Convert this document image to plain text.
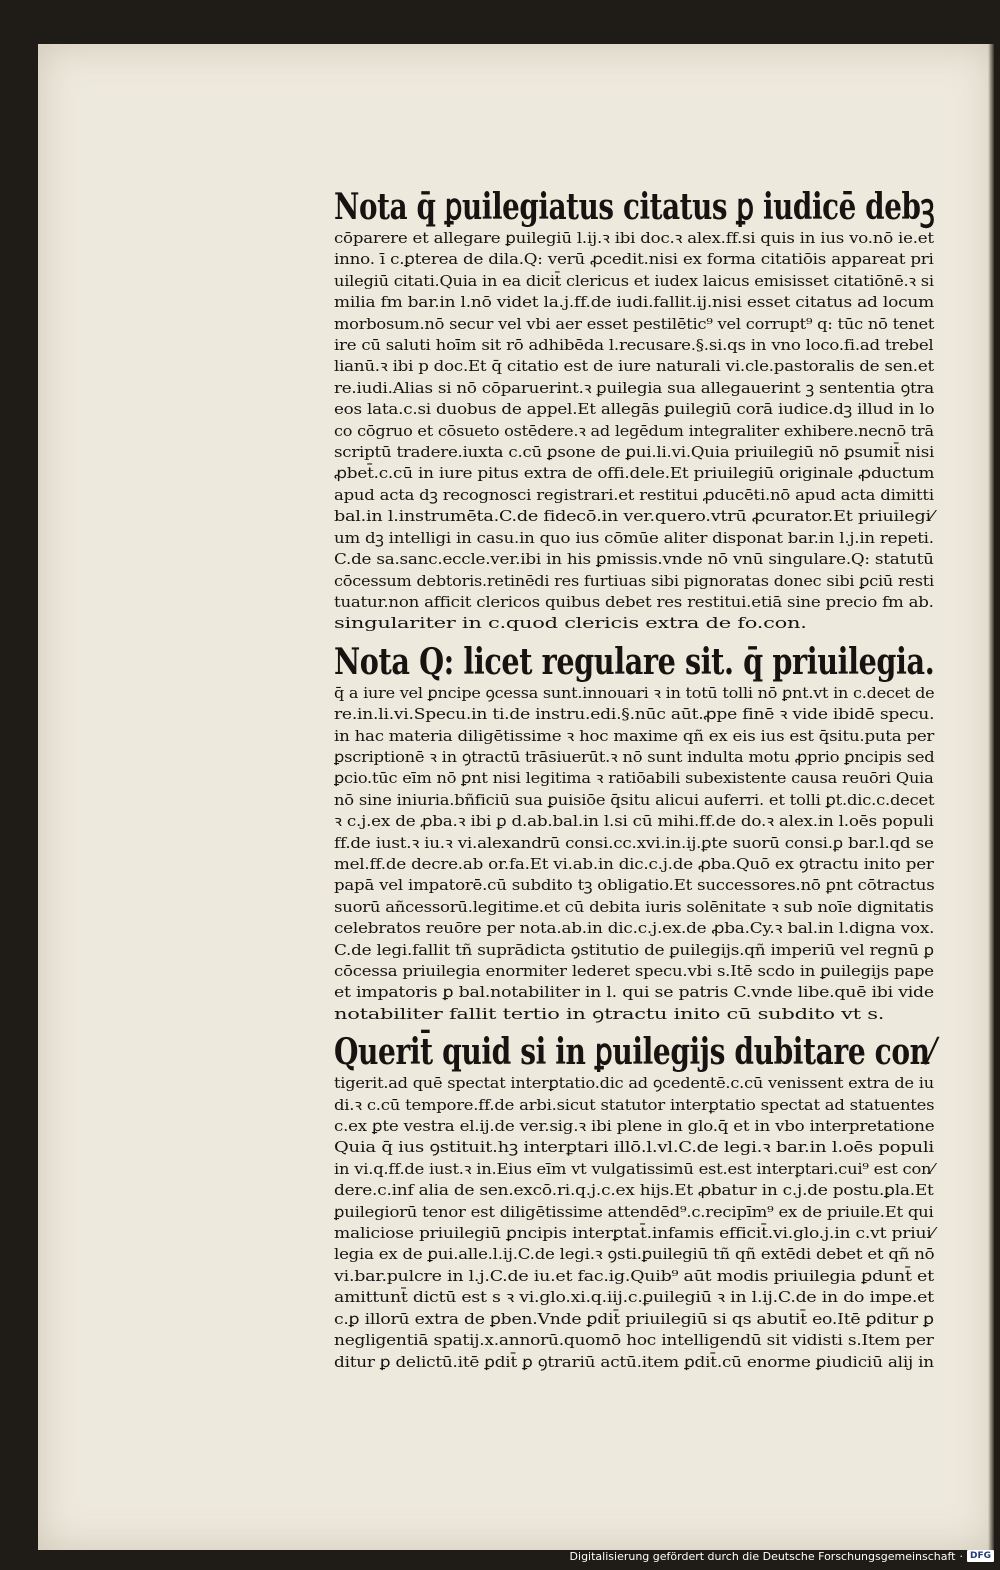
Nota q̄ ꝑuilegiatus citatus ꝑ iudicē debꝫ
cōparere et allegare ꝑuilegiū l.ij.ꝛ ibi doc.ꝛ alex.ff.si quis in ius vo.nō ie.et
inno. ī c.ꝑterea de dila.Q: verū ꝓcedit.nisi ex forma citatiōis appareat pri
uilegiū citati.Quia in ea dicit̄ clericus et iudex laicus emisisset citatiōnē.ꝛ si
milia fm bar.in l.nō videt la.j.ff.de iudi.fallit.ij.nisi esset citatus ad locum
morbosum.nō secur vel vbi aer esset pestilētic⁹ vel corrupt⁹ q: tūc nō tenet
ire cū saluti hoīm sit rō adhibēda l.recusare.§.si.qs in vno loco.fi.ad trebel
lianū.ꝛ ibi p doc.Et q̄ citatio est de iure naturali vi.cle.pastoralis de sen.et
re.iudi.Alias si nō cōparuerint.ꝛ ꝑuilegia sua allegauerint ꝫ sententia ꝯtra
eos lata.c.si duobus de appel.Et allegās ꝑuilegiū corā iudice.dꝫ illud in lo
co cōgruo et cōsueto ostēdere.ꝛ ad legēdum integraliter exhibere.necnō trā
scriptū tradere.iuxta c.cū ꝑsone de ꝑui.li.vi.Quia priuilegiū nō ꝑsumit̄ nisi
ꝓbet̄.c.cū in iure pitus extra de offi.dele.Et priuilegiū originale ꝓductum
apud acta dꝫ recognosci registrari.et restitui ꝓducēti.nō apud acta dimitti
bal.in l.instrumēta.C.de fidecō.in ver.quero.vtrū ꝓcurator.Et priuilegi⁄
um dꝫ intelligi in casu.in quo ius cōmūe aliter disponat bar.in l.j.in repeti.
C.de sa.sanc.eccle.ver.ibi in his ꝑmissis.vnde nō vnū singulare.Q: statutū
cōcessum debtoris.retinēdi res furtiuas sibi pignoratas donec sibi ꝑciū resti
tuatur.non afficit clericos quibus debet res restitui.etiā sine precio fm ab.
singulariter in c.quod clericis extra de fo.con.
Nota Q: licet regulare sit. q̄ priuilegia.
q̄ a iure vel ꝑncipe ꝯcessa sunt.innouari ꝛ in totū tolli nō ꝑnt.vt in c.decet de
re.in.li.vi.Specu.in ti.de instru.edi.§.nūc aūt.ꝓpe finē ꝛ vide ibidē specu.
in hac materia diligētissime ꝛ hoc maxime qñ ex eis ius est q̄situ.puta per
ꝑscriptionē ꝛ in ꝯtractū trāsiuerūt.ꝛ nō sunt indulta motu ꝓprio ꝑncipis sed
ꝑcio.tūc eīm nō ꝑnt nisi legitima ꝛ ratiōabili subexistente causa reuōri Quia
nō sine iniuria.bñficiū sua ꝑuisiōe q̄situ alicui auferri. et tolli ꝑt.dic.c.decet
ꝛ c.j.ex de ꝓba.ꝛ ibi ꝑ d.ab.bal.in l.si cū mihi.ff.de do.ꝛ alex.in l.oēs populi
ff.de iust.ꝛ iu.ꝛ vi.alexandrū consi.cc.xvi.in.ij.ꝑte suorū consi.ꝑ bar.l.qd se
mel.ff.de decre.ab or.fa.Et vi.ab.in dic.c.j.de ꝓba.Quō ex ꝯtractu inito per
papā vel impatorē.cū subdito tꝫ obligatio.Et successores.nō ꝑnt cōtractus
suorū añcessorū.legitime.et cū debita iuris solēnitate ꝛ sub noīe dignitatis
celebratos reuōre per nota.ab.in dic.c.j.ex.de ꝓba.Cy.ꝛ bal.in l.digna vox.
C.de legi.fallit tñ suprādicta ꝯstitutio de ꝑuilegijs.qñ imperiū vel regnū ꝑ
cōcessa priuilegia enormiter lederet specu.vbi s.Itē scdo in ꝑuilegijs pape
et impatoris ꝑ bal.notabiliter in l. qui se patris C.vnde libe.quē ibi vide
notabiliter fallit tertio in ꝯtractu inito cū subdito vt s.
Querit̄ quid si in ꝑuilegijs dubitare con⁄
tigerit.ad quē spectat interꝑtatio.dic ad ꝯcedentē.c.cū venissent extra de iu
di.ꝛ c.cū tempore.ff.de arbi.sicut statutor interꝑtatio spectat ad statuentes
c.ex ꝑte vestra el.ij.de ver.sig.ꝛ ibi plene in glo.q̄ et in vbo interpretatione
Quia q̄ ius ꝯstituit.hꝫ interꝑtari illō.l.vl.C.de legi.ꝛ bar.in l.oēs populi
in vi.q.ff.de iust.ꝛ in.Eius eīm vt vulgatissimū est.est interꝑtari.cui⁹ est con⁄
dere.c.inf alia de sen.excō.ri.q.j.c.ex hijs.Et ꝓbatur in c.j.de postu.ꝑla.Et
ꝑuilegiorū tenor est diligētissime attendēd⁹.c.recipīm⁹ ex de priuile.Et qui
maliciose priuilegiū ꝑncipis interꝑtat̄.infamis efficit̄.vi.glo.j.in c.vt priui⁄
legia ex de ꝑui.alle.l.ij.C.de legi.ꝛ ꝯsti.ꝑuilegiū tñ qñ extēdi debet et qñ nō
vi.bar.pulcre in l.j.C.de iu.et fac.ig.Quib⁹ aūt modis priuilegia ꝑdunt̄ et
amittunt̄ dictū est s ꝛ vi.glo.xi.q.iij.c.ꝑuilegiū ꝛ in l.ij.C.de in do impe.et
c.ꝑ illorū extra de ꝑben.Vnde ꝑdit̄ priuilegiū si qs abutit̄ eo.Itē ꝑditur ꝑ
negligentiā spatij.x.annorū.quomō hoc intelligendū sit vidisti s.Item per
ditur ꝑ delictū.itē ꝑdit̄ ꝑ ꝯtrariū actū.item ꝑdit̄.cū enorme ꝑiudiciū alij in
Digitalisierung gefördert durch die Deutsche Forschungsgemeinschaft · DFG
